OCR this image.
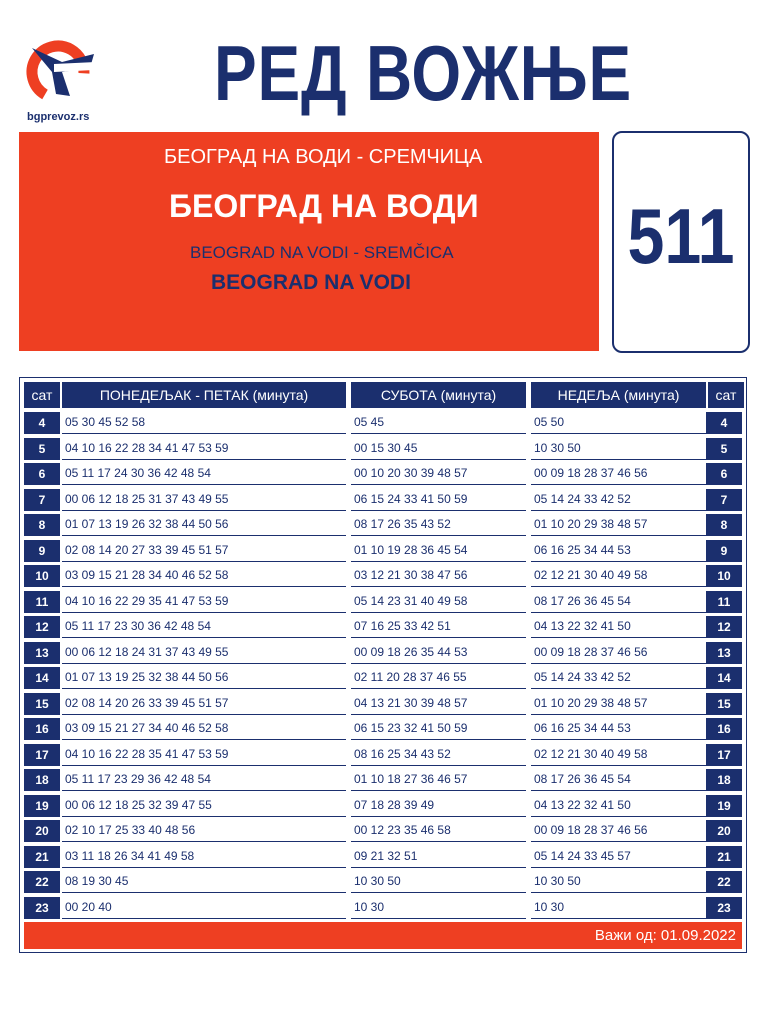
bgprevoz.rs	РЕД ВОЖЊЕ
БЕОГРАД НА ВОДИ - СРЕМЧИЦА
БЕОГРАД НА ВОДИ
BEOGRAD NA VODI - SREMČICA
BEOGRAD NA VODI
511
сат	ПОНЕДЕЉАК - ПЕТАК (минута)	СУБОТА (минута)	НЕДЕЉА (минута)	сат
4	05 30 45 52 58	05 45	05 50	4
5	04 10 16 22 28 34 41 47 53 59	00 15 30 45	10 30 50	5
6	05 11 17 24 30 36 42 48 54	00 10 20 30 39 48 57	00 09 18 28 37 46 56	6
7	00 06 12 18 25 31 37 43 49 55	06 15 24 33 41 50 59	05 14 24 33 42 52	7
8	01 07 13 19 26 32 38 44 50 56	08 17 26 35 43 52	01 10 20 29 38 48 57	8
9	02 08 14 20 27 33 39 45 51 57	01 10 19 28 36 45 54	06 16 25 34 44 53	9
10	03 09 15 21 28 34 40 46 52 58	03 12 21 30 38 47 56	02 12 21 30 40 49 58	10
11	04 10 16 22 29 35 41 47 53 59	05 14 23 31 40 49 58	08 17 26 36 45 54	11
12	05 11 17 23 30 36 42 48 54	07 16 25 33 42 51	04 13 22 32 41 50	12
13	00 06 12 18 24 31 37 43 49 55	00 09 18 26 35 44 53	00 09 18 28 37 46 56	13
14	01 07 13 19 25 32 38 44 50 56	02 11 20 28 37 46 55	05 14 24 33 42 52	14
15	02 08 14 20 26 33 39 45 51 57	04 13 21 30 39 48 57	01 10 20 29 38 48 57	15
16	03 09 15 21 27 34 40 46 52 58	06 15 23 32 41 50 59	06 16 25 34 44 53	16
17	04 10 16 22 28 35 41 47 53 59	08 16 25 34 43 52	02 12 21 30 40 49 58	17
18	05 11 17 23 29 36 42 48 54	01 10 18 27 36 46 57	08 17 26 36 45 54	18
19	00 06 12 18 25 32 39 47 55	07 18 28 39 49	04 13 22 32 41 50	19
20	02 10 17 25 33 40 48 56	00 12 23 35 46 58	00 09 18 28 37 46 56	20
21	03 11 18 26 34 41 49 58	09 21 32 51	05 14 24 33 45 57	21
22	08 19 30 45	10 30 50	10 30 50	22
23	00 20 40	10 30	10 30	23
Важи од: 01.09.2022
